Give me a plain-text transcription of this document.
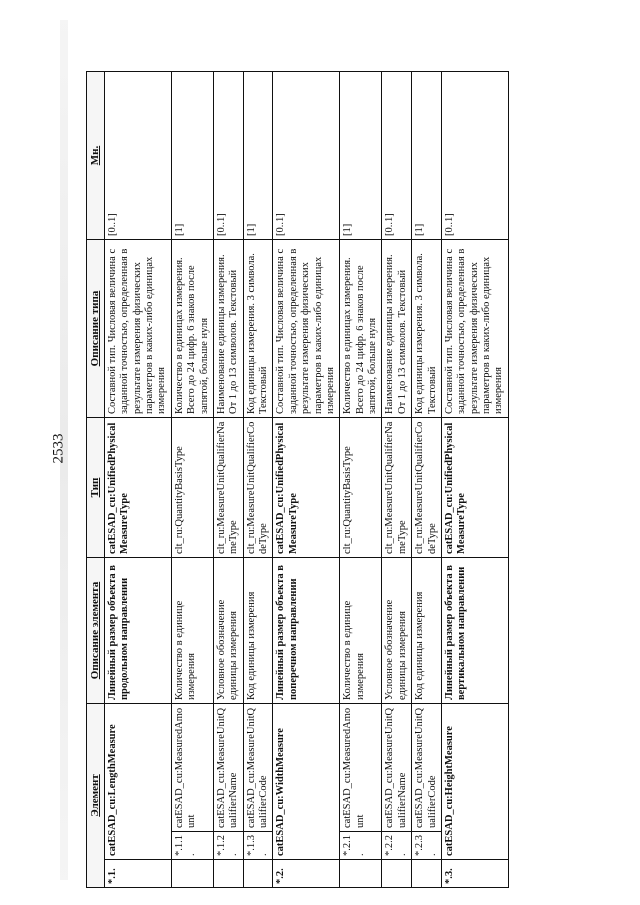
2533
Элемент			Описание элемента	Тип	Описание типа	Мн.
*.1.	catESAD_cu:LengthMeasure		Линейный размер объекта в продольном направлении	catESAD_cu:UnifiedPhysicalMeasureType	Составной тип. Числовая величина с заданной точностью, определенная в результате измерения физических параметров в каких-либо единицах измерения	[0..1]
	*.1.1.	catESAD_cu:MeasuredAmount	Количество в единице измерения	clt_ru:QuantityBasisType	Количество в единицах измерения. Всего до 24 цифр. 6 знаков после запятой, больше нуля	[1]
	*.1.2.	catESAD_cu:MeasureUnitQualifierName	Условное обозначение единицы измерения	clt_ru:MeasureUnitQualifierNameType	Наименование единицы измерения. От 1 до 13 символов. Текстовый	[0..1]
	*.1.3.	catESAD_cu:MeasureUnitQualifierCode	Код единицы измерения	clt_ru:MeasureUnitQualifierCodeType	Код единицы измерения. 3 символа. Текстовый	[1]
*.2.	catESAD_cu:WidthMeasure		Линейный размер объекта в поперечном направлении	catESAD_cu:UnifiedPhysicalMeasureType	Составной тип. Числовая величина с заданной точностью, определенная в результате измерения физических параметров в каких-либо единицах измерения	[0..1]
	*.2.1.	catESAD_cu:MeasuredAmount	Количество в единице измерения	clt_ru:QuantityBasisType	Количество в единицах измерения. Всего до 24 цифр. 6 знаков после запятой, больше нуля	[1]
	*.2.2.	catESAD_cu:MeasureUnitQualifierName	Условное обозначение единицы измерения	clt_ru:MeasureUnitQualifierNameType	Наименование единицы измерения. От 1 до 13 символов. Текстовый	[0..1]
	*.2.3.	catESAD_cu:MeasureUnitQualifierCode	Код единицы измерения	clt_ru:MeasureUnitQualifierCodeType	Код единицы измерения. 3 символа. Текстовый	[1]
*.3.	catESAD_cu:HeightMeasure		Линейный размер объекта в вертикальном направлении	catESAD_cu:UnifiedPhysicalMeasureType	Составной тип. Числовая величина с заданной точностью, определенная в результате измерения физических параметров в каких-либо единицах измерения	[0..1]
